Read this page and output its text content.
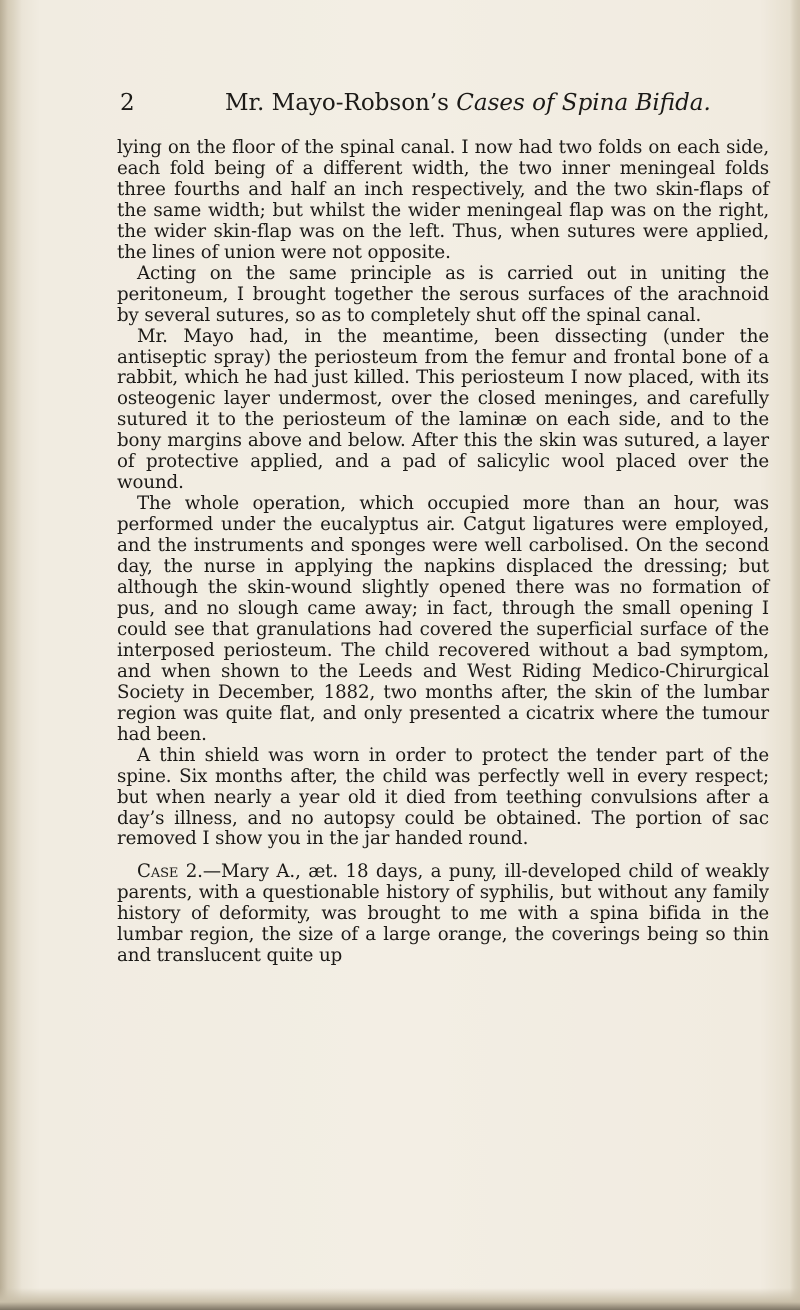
2	Mr. Mayo-Robson’s Cases of Spina Bifida.

lying on the floor of the spinal canal. I now had two folds on each side, each fold being of a different width, the two inner meningeal folds three fourths and half an inch respectively, and the two skin-flaps of the same width; but whilst the wider meningeal flap was on the right, the wider skin-flap was on the left. Thus, when sutures were applied, the lines of union were not opposite.

Acting on the same principle as is carried out in uniting the peritoneum, I brought together the serous surfaces of the arachnoid by several sutures, so as to completely shut off the spinal canal.

Mr. Mayo had, in the meantime, been dissecting (under the antiseptic spray) the periosteum from the femur and frontal bone of a rabbit, which he had just killed. This periosteum I now placed, with its osteogenic layer undermost, over the closed meninges, and carefully sutured it to the periosteum of the laminæ on each side, and to the bony margins above and below. After this the skin was sutured, a layer of protective applied, and a pad of salicylic wool placed over the wound.

The whole operation, which occupied more than an hour, was performed under the eucalyptus air. Catgut ligatures were employed, and the instruments and sponges were well carbolised. On the second day, the nurse in applying the napkins displaced the dressing; but although the skin-wound slightly opened there was no formation of pus, and no slough came away; in fact, through the small opening I could see that granulations had covered the superficial surface of the interposed periosteum. The child recovered without a bad symptom, and when shown to the Leeds and West Riding Medico-Chirurgical Society in December, 1882, two months after, the skin of the lumbar region was quite flat, and only presented a cicatrix where the tumour had been.

A thin shield was worn in order to protect the tender part of the spine. Six months after, the child was perfectly well in every respect; but when nearly a year old it died from teething convulsions after a day’s illness, and no autopsy could be obtained. The portion of sac removed I show you in the jar handed round.

Case 2.—Mary A., æt. 18 days, a puny, ill-developed child of weakly parents, with a questionable history of syphilis, but without any family history of deformity, was brought to me with a spina bifida in the lumbar region, the size of a large orange, the coverings being so thin and translucent quite up
